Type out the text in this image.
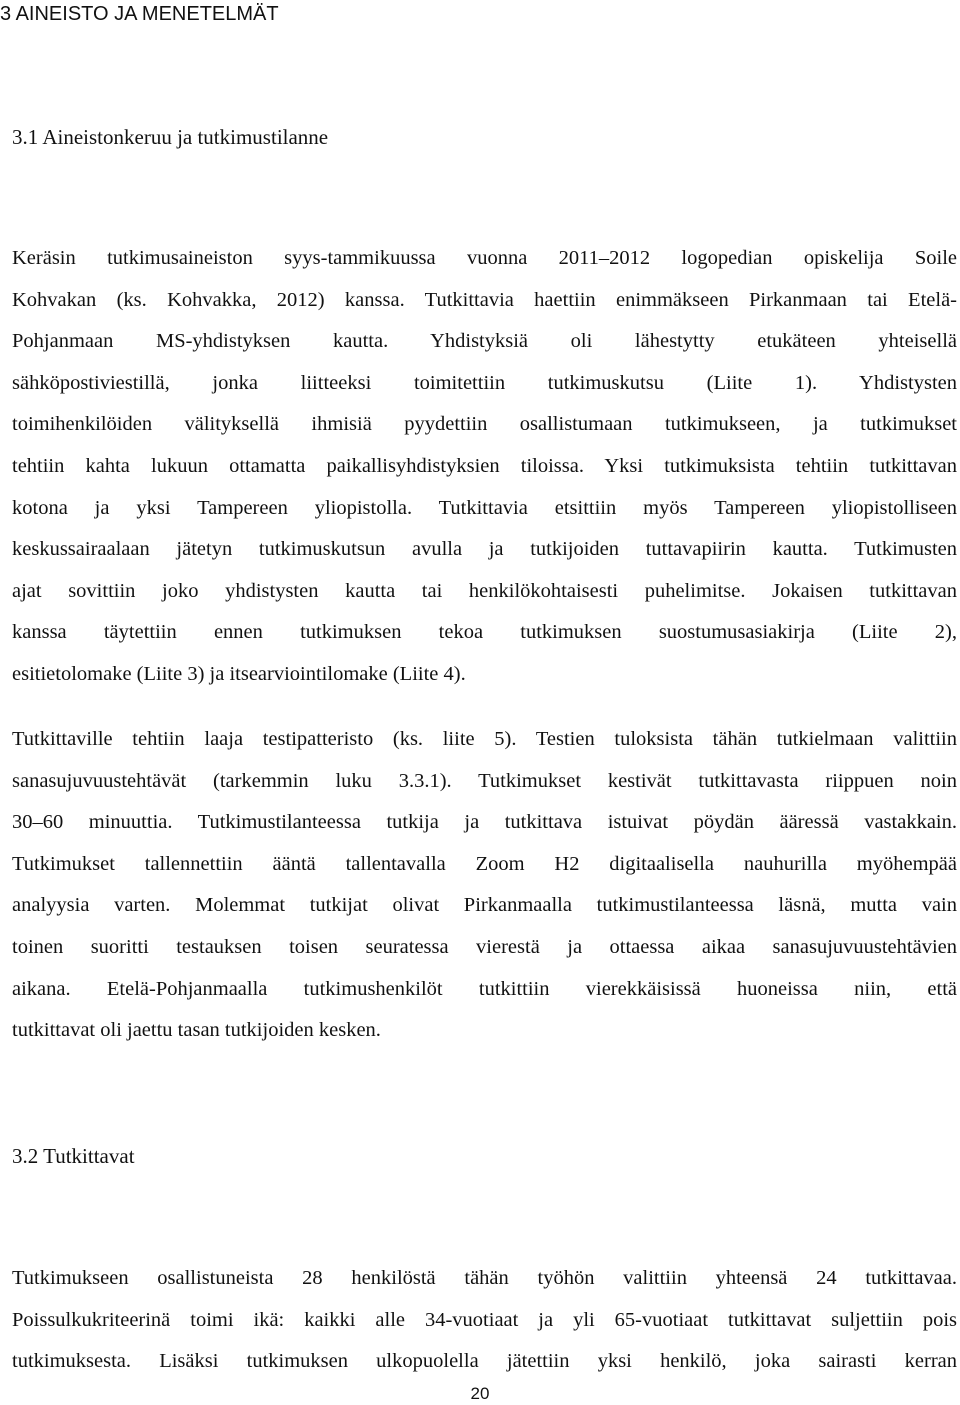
3 AINEISTO JA MENETELMÄT
3.1 Aineistonkeruu ja tutkimustilanne
Keräsin tutkimusaineiston syys-tammikuussa vuonna 2011–2012 logopedian opiskelija Soile
Kohvakan (ks. Kohvakka, 2012) kanssa. Tutkittavia haettiin enimmäkseen Pirkanmaan tai Etelä-
Pohjanmaan MS-yhdistyksen kautta. Yhdistyksiä oli lähestytty etukäteen yhteisellä
sähköpostiviestillä, jonka liitteeksi toimitettiin tutkimuskutsu (Liite 1). Yhdistysten
toimihenkilöiden välityksellä ihmisiä pyydettiin osallistumaan tutkimukseen, ja tutkimukset
tehtiin kahta lukuun ottamatta paikallisyhdistyksien tiloissa. Yksi tutkimuksista tehtiin tutkittavan
kotona ja yksi Tampereen yliopistolla. Tutkittavia etsittiin myös Tampereen yliopistolliseen
keskussairaalaan jätetyn tutkimuskutsun avulla ja tutkijoiden tuttavapiirin kautta. Tutkimusten
ajat sovittiin joko yhdistysten kautta tai henkilökohtaisesti puhelimitse. Jokaisen tutkittavan
kanssa täytettiin ennen tutkimuksen tekoa tutkimuksen suostumusasiakirja (Liite 2),
esitietolomake (Liite 3) ja itsearviointilomake (Liite 4).
Tutkittaville tehtiin laaja testipatteristo (ks. liite 5). Testien tuloksista tähän tutkielmaan valittiin
sanasujuvuustehtävät (tarkemmin luku 3.3.1). Tutkimukset kestivät tutkittavasta riippuen noin
30–60 minuuttia. Tutkimustilanteessa tutkija ja tutkittava istuivat pöydän ääressä vastakkain.
Tutkimukset tallennettiin ääntä tallentavalla Zoom H2 digitaalisella nauhurilla myöhempää
analyysia varten. Molemmat tutkijat olivat Pirkanmaalla tutkimustilanteessa läsnä, mutta vain
toinen suoritti testauksen toisen seuratessa vierestä ja ottaessa aikaa sanasujuvuustehtävien
aikana. Etelä-Pohjanmaalla tutkimushenkilöt tutkittiin vierekkäisissä huoneissa niin, että
tutkittavat oli jaettu tasan tutkijoiden kesken.
3.2 Tutkittavat
Tutkimukseen osallistuneista 28 henkilöstä tähän työhön valittiin yhteensä 24 tutkittavaa.
Poissulkukriteerinä toimi ikä: kaikki alle 34-vuotiaat ja yli 65-vuotiaat tutkittavat suljettiin pois
tutkimuksesta. Lisäksi tutkimuksen ulkopuolella jätettiin yksi henkilö, joka sairasti kerran
20
